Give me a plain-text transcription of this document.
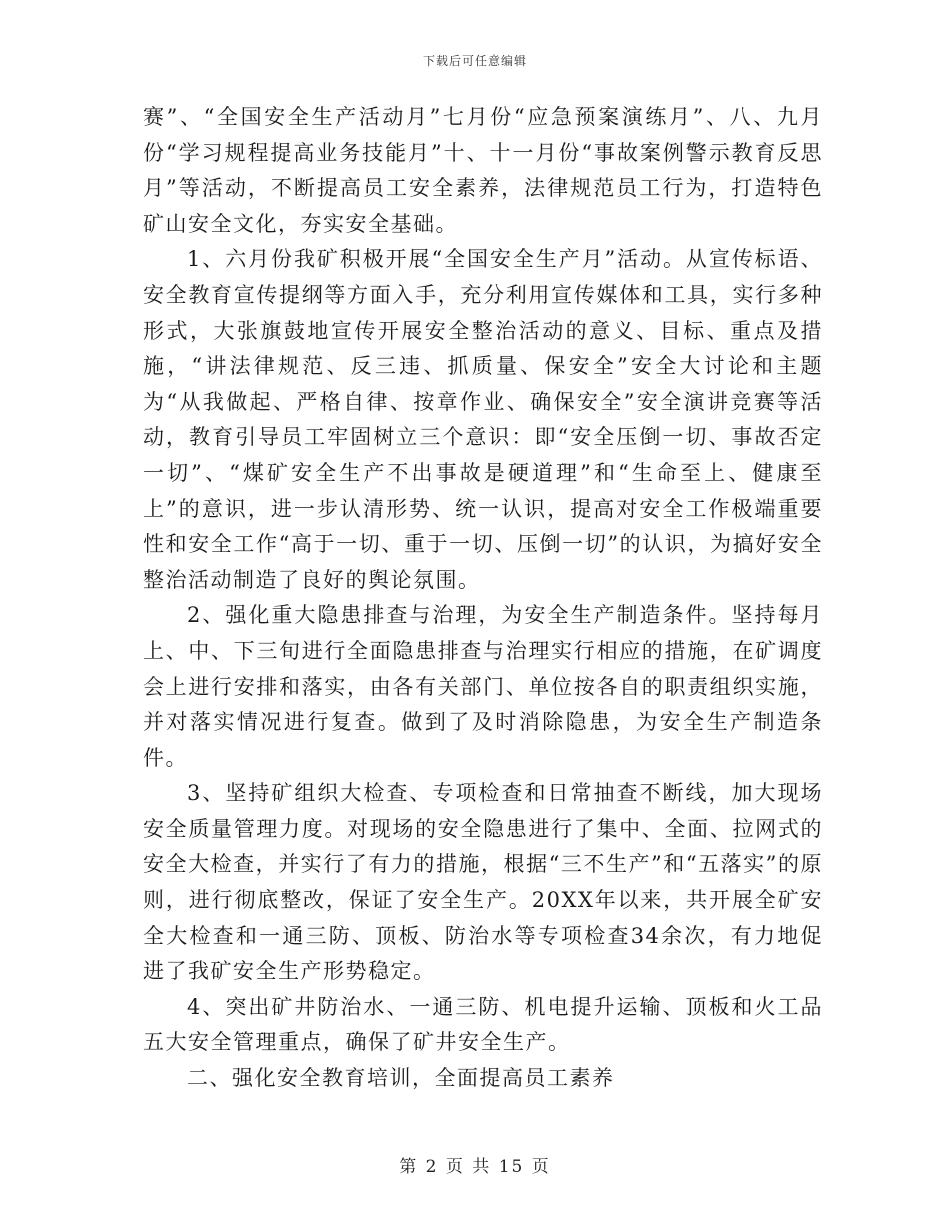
下载后可任意编辑

赛”、“全国安全生产活动月”七月份“应急预案演练月”、八、九月份“学习规程提高业务技能月”十、十一月份“事故案例警示教育反思月”等活动，不断提高员工安全素养，法律规范员工行为，打造特色矿山安全文化，夯实安全基础。

1、六月份我矿积极开展“全国安全生产月”活动。从宣传标语、安全教育宣传提纲等方面入手，充分利用宣传媒体和工具，实行多种形式，大张旗鼓地宣传开展安全整治活动的意义、目标、重点及措施，“讲法律规范、反三违、抓质量、保安全”安全大讨论和主题为“从我做起、严格自律、按章作业、确保安全”安全演讲竞赛等活动，教育引导员工牢固树立三个意识：即“安全压倒一切、事故否定一切”、“煤矿安全生产不出事故是硬道理”和“生命至上、健康至上”的意识，进一步认清形势、统一认识，提高对安全工作极端重要性和安全工作“高于一切、重于一切、压倒一切”的认识，为搞好安全整治活动制造了良好的舆论氛围。

2、强化重大隐患排查与治理，为安全生产制造条件。坚持每月上、中、下三旬进行全面隐患排查与治理实行相应的措施，在矿调度会上进行安排和落实，由各有关部门、单位按各自的职责组织实施，并对落实情况进行复查。做到了及时消除隐患，为安全生产制造条件。

3、坚持矿组织大检查、专项检查和日常抽查不断线，加大现场安全质量管理力度。对现场的安全隐患进行了集中、全面、拉网式的安全大检查，并实行了有力的措施，根据“三不生产”和“五落实”的原则，进行彻底整改，保证了安全生产。20XX年以来，共开展全矿安全大检查和一通三防、顶板、防治水等专项检查34余次，有力地促进了我矿安全生产形势稳定。

4、突出矿井防治水、一通三防、机电提升运输、顶板和火工品五大安全管理重点，确保了矿井安全生产。

二、强化安全教育培训，全面提高员工素养

第 2 页 共 15 页
